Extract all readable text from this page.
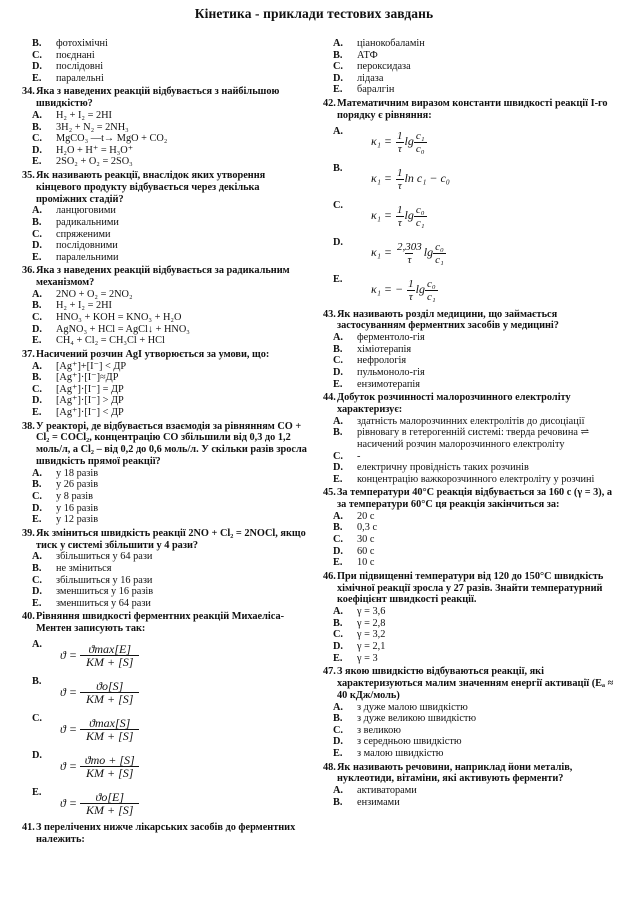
Кінетика - приклади тестових завдань
B.	фотохімічні
C.	поєднані
D.	послідовні
E.	паралельні
34. Яка з наведених реакцій відбувається з найбільшою швидкістю?
A.	H₂ + I₂ = 2HI
B.	3H₂ + N₂ = 2NH₃
C.	MgCO₃ —t→ MgO + CO₂
D.	H₂O + H⁺ = H₃O⁺
E.	2SO₂ + O₂ = 2SO₃
35. Як називають реакції, внаслідок яких утворення кінцевого продукту відбувається через декілька проміжних стадій?
A.	ланцюговими
B.	радикальними
C.	спряженими
D.	послідовними
E.	паралельними
36. Яка з наведених реакцій відбувається за радикальним механізмом?
A.	2NO + O₂ = 2NO₂
B.	H₂ + I₂ = 2HI
C.	HNO₃ + KOH = KNO₃ + H₂O
D.	AgNO₃ + HCl = AgCl↓ + HNO₃
E.	CH₄ + Cl₂ = CH₃Cl + HCl
37. Насичений розчин AgI утворюється за умови, що:
A.	[Ag⁺]+[I⁻] < ДР
B.	[Ag⁺]·[I⁻]≈ДР
C.	[Ag⁺]·[I⁻] = ДР
D.	[Ag⁺]·[I⁻] > ДР
E.	[Ag⁺]·[I⁻] < ДР
38. У реакторі, де відбувається взаємодія за рівнянням CO + Cl₂ = COCl₂, концентрацію CO збільшили від 0,3 до 1,2 моль/л, а Cl₂ – від 0,2 до 0,6 моль/л. У скільки разів зросла швидкість прямої реакції?
A.	у 18 разів
B.	у 26 разів
C.	у 8 разів
D.	у 16 разів
E.	у 12 разів
39. Як зміниться швидкість реакції 2NO + Cl₂ = 2NOCl, якщо тиск у системі збільшити у 4 рази?
A.	збільшиться у 64 рази
B.	не зміниться
C.	збільшиться у 16 рази
D.	зменшиться у 16 разів
E.	зменшиться у 64 рази
40. Рівняння швидкості ферментних реакцій Михаеліса-Ментен записують так:
A.
ϑ =
$\frac{ϑ\max[E]}{KM + [S]}$
B.
ϑ =
$\frac{ϑo[S]}{KM + [S]}$
C.
ϑ =
$\frac{ϑ\max[S]}{KM + [S]}$
D.
ϑ =
$\frac{\text{ϑmo + [S]}}{KM + [S]}$
E.
ϑ =
$\frac{ϑo[E]}{KM + [S]}$
41. З перелічених нижче лікарських засобів до ферментних належить:
A.	ціанокобаламін
B.	АТФ
C.	пероксидаза
D.	лідаза
E.	баралгін
42. Математичним виразом константи швидкості реакції І-го порядку є рівняння:
A.
κ₁ =
$\frac{1}{\tau}$ $\lg \frac{\text{c₁}}{\text{c₀}}$
B.
κ₁ =
$\frac{1}{\tau}$ ln c₁ − c₀
C.
κ₁ =
$\frac{1}{\tau}$ $\lg \frac{\text{c₀}}{\text{c₁}}$
D.
κ₁ =
$\frac{2,303}{\tau}$ $\lg \frac{\text{c₀}}{\text{c₁}}$
E.
κ₁ = −
$\frac{1}{\tau}$ $\lg \frac{\text{c₀}}{\text{c₁}}$
43. Як називають розділ медицини, що займається застосуванням ферментних засобів у медицині?
A.	ферментоло-гія
B.	хіміотерапія
C.	нефрологія
D.	пульмоноло-гія
E.	ензимотерапія
44. Добуток розчинності малорозчинного електроліту характеризує:
A.	здатність малорозчинних електролітів до дисоціації
B.	рівновагу в гетерогенній системі: тверда речовина ⇌ насичений розчин малорозчинного електроліту
C.	-
D.	електричну провідність таких розчинів
E.	концентрацію важкорозчинного електроліту у розчині
45. За температури 40°C реакція відбувається за 160 с (γ = 3), а за температури 60°C ця реакція закінчиться за:
A.	20 с
B.	0,3 с
C.	30 с
D.	60 с
E.	10 с
46. При підвищенні температури від 120 до 150°C швидкість хімічної реакції зросла у 27 разів. Знайти температурний коефіцієнт швидкості реакції.
A.	γ = 3,6
B.	γ = 2,8
C.	γ = 3,2
D.	γ = 2,1
E.	γ = 3
47. З якою швидкістю відбуваються реакції, які характеризуються малим значенням енергії активації (Eₐ ≈ 40 кДж/моль)
A.	з дуже малою швидкістю
B.	з дуже великою швидкістю
C.	з великою
D.	з середньою швидкістю
E.	з малою швидкістю
48. Як називають речовини, наприклад йони металів, нуклеотиди, вітаміни, які активують ферменти?
A.	активаторами
B.	ензимами
